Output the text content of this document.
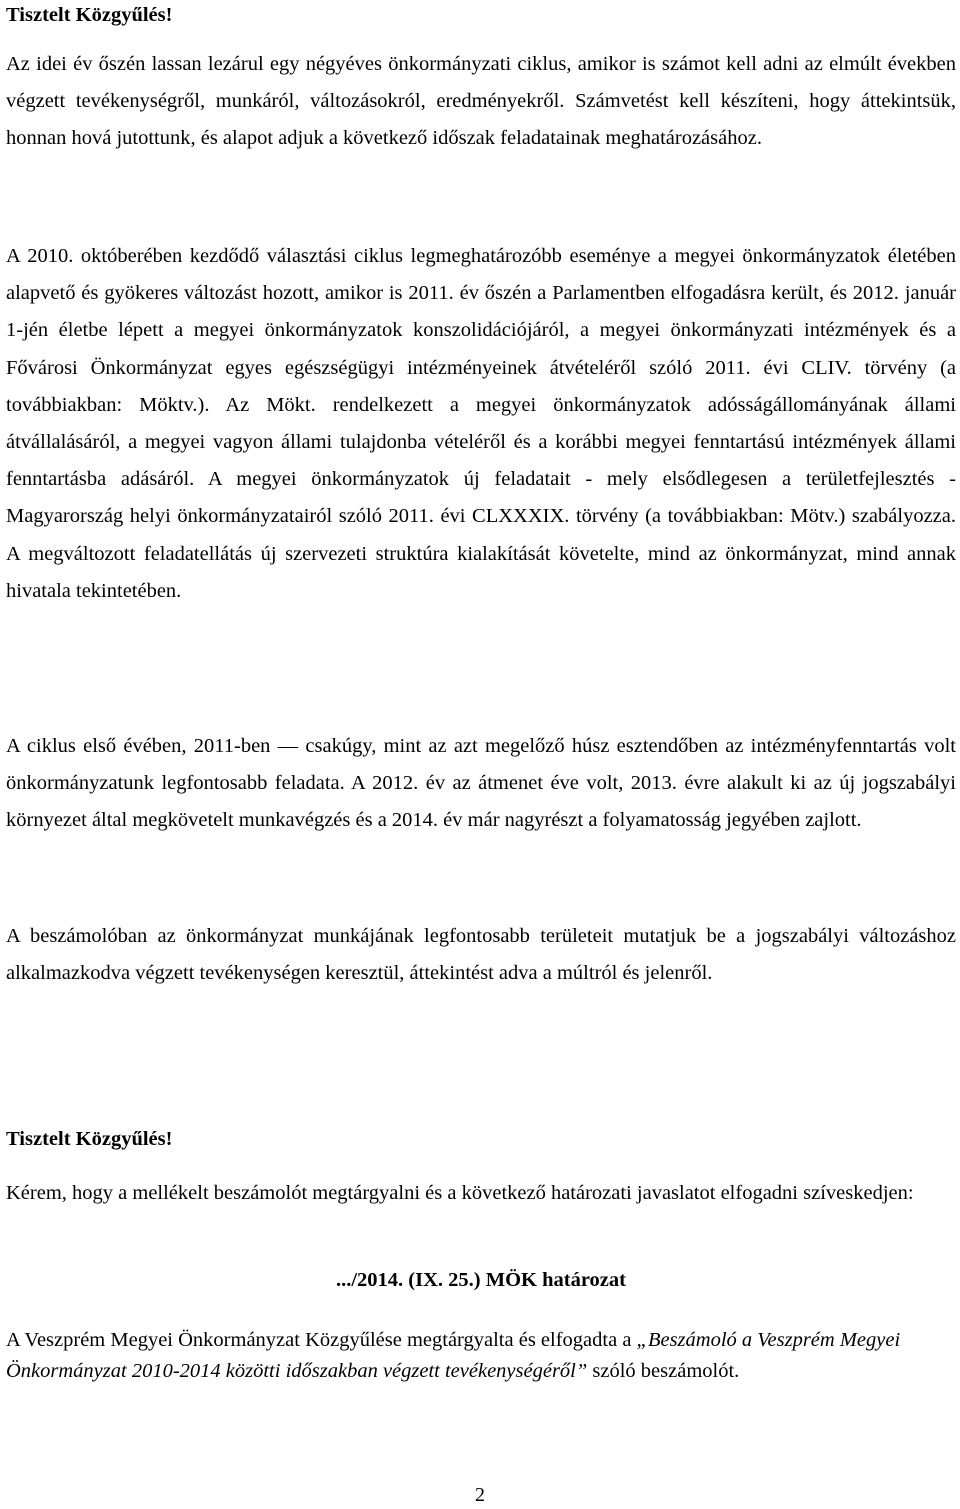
Tisztelt Közgyűlés!

Az idei év őszén lassan lezárul egy négyéves önkormányzati ciklus, amikor is számot kell adni az elmúlt években végzett tevékenységről, munkáról, változásokról, eredményekről. Számvetést kell készíteni, hogy áttekintsük, honnan hová jutottunk, és alapot adjuk a következő időszak feladatainak meghatározásához.

A 2010. októberében kezdődő választási ciklus legmeghatározóbb eseménye a megyei önkormányzatok életében alapvető és gyökeres változást hozott, amikor is 2011. év őszén a Parlamentben elfogadásra került, és 2012. január 1-jén életbe lépett a megyei önkormányzatok konszolidációjáról, a megyei önkormányzati intézmények és a Fővárosi Önkormányzat egyes egészségügyi intézményeinek átvételéről szóló 2011. évi CLIV. törvény (a továbbiakban: Möktv.). Az Mökt. rendelkezett a megyei önkormányzatok adósságállományának állami átvállalásáról, a megyei vagyon állami tulajdonba vételéről és a korábbi megyei fenntartású intézmények állami fenntartásba adásáról. A megyei önkormányzatok új feladatait - mely elsődlegesen a területfejlesztés - Magyarország helyi önkormányzatairól szóló 2011. évi CLXXXIX. törvény (a továbbiakban: Mötv.) szabályozza. A megváltozott feladatellátás új szervezeti struktúra kialakítását követelte, mind az önkormányzat, mind annak hivatala tekintetében.

A ciklus első évében, 2011-ben — csakúgy, mint az azt megelőző húsz esztendőben az intézményfenntartás volt önkormányzatunk legfontosabb feladata. A 2012. év az átmenet éve volt, 2013. évre alakult ki az új jogszabályi környezet által megkövetelt munkavégzés és a 2014. év már nagyrészt a folyamatosság jegyében zajlott.

A beszámolóban az önkormányzat munkájának legfontosabb területeit mutatjuk be a jogszabályi változáshoz alkalmazkodva végzett tevékenységen keresztül, áttekintést adva a múltról és jelenről.

Tisztelt Közgyűlés!

Kérem, hogy a mellékelt beszámolót megtárgyalni és a következő határozati javaslatot elfogadni szíveskedjen:

.../2014. (IX. 25.) MÖK határozat

A Veszprém Megyei Önkormányzat Közgyűlése megtárgyalta és elfogadta a „Beszámoló a Veszprém Megyei Önkormányzat 2010-2014 közötti időszakban végzett tevékenységéről” szóló beszámolót.

2
